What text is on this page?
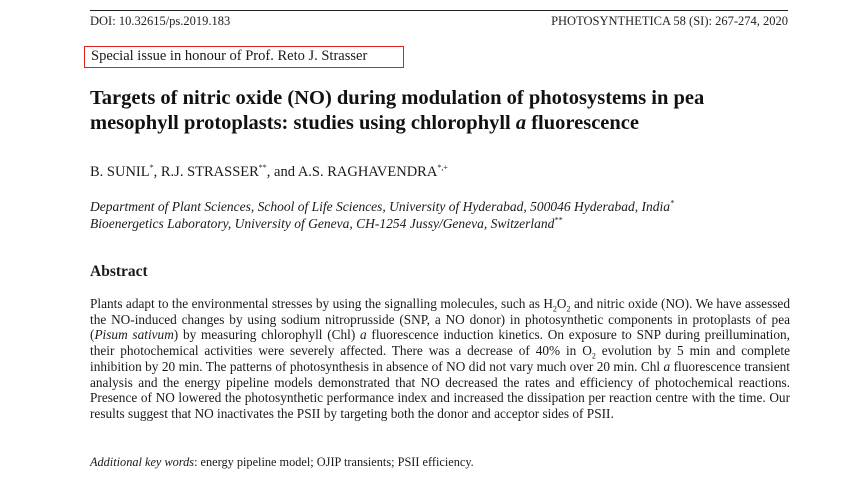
DOI: 10.32615/ps.2019.183	PHOTOSYNTHETICA 58 (SI): 267-274, 2020
Special issue in honour of Prof. Reto J. Strasser
Targets of nitric oxide (NO) during modulation of photosystems in pea mesophyll protoplasts: studies using chlorophyll a fluorescence
B. SUNIL*, R.J. STRASSER**, and A.S. RAGHAVENDRA*,+
Department of Plant Sciences, School of Life Sciences, University of Hyderabad, 500046 Hyderabad, India*
Bioenergetics Laboratory, University of Geneva, CH-1254 Jussy/Geneva, Switzerland**
Abstract

Plants adapt to the environmental stresses by using the signalling molecules, such as $H_2O_2$ and nitric oxide (NO). We have assessed the NO-induced changes by using sodium nitroprusside (SNP, a NO donor) in photosynthetic components in protoplasts of pea (Pisum sativum) by measuring chlorophyll (Chl) a fluorescence induction kinetics. On exposure to SNP during preillumination, their photochemical activities were severely affected. There was a decrease of 40% in $O_2$ evolution by 5 min and complete inhibition by 20 min. The patterns of photosynthesis in absence of NO did not vary much over 20 min. Chl a fluorescence transient analysis and the energy pipeline models demonstrated that NO decreased the rates and efficiency of photochemical reactions. Presence of NO lowered the photosynthetic performance index and increased the dissipation per reaction centre with the time. Our results suggest that NO inactivates the PSII by targeting both the donor and acceptor sides of PSII.

Additional key words: energy pipeline model; OJIP transients; PSII efficiency.
